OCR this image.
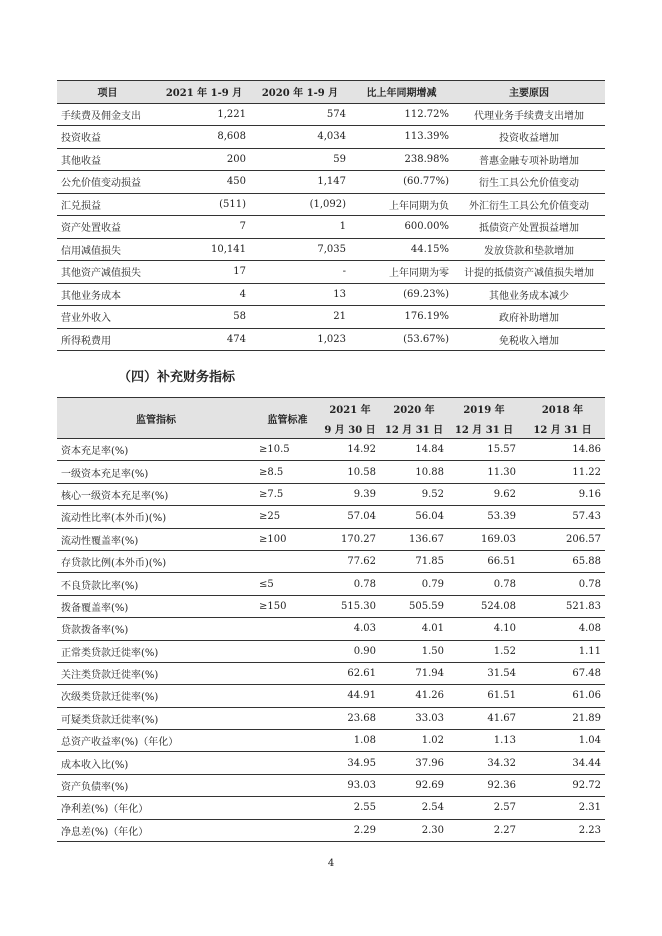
项目	2021 年 1-9 月	2020 年 1-9 月	比上年同期增减	主要原因
手续费及佣金支出	1,221	574	112.72%	代理业务手续费支出增加
投资收益	8,608	4,034	113.39%	投资收益增加
其他收益	200	59	238.98%	普惠金融专项补助增加
公允价值变动损益	450	1,147	(60.77%)	衍生工具公允价值变动
汇兑损益	(511)	(1,092)	上年同期为负	外汇衍生工具公允价值变动
资产处置收益	7	1	600.00%	抵债资产处置损益增加
信用减值损失	10,141	7,035	44.15%	发放贷款和垫款增加
其他资产减值损失	17	-	上年同期为零	计提的抵债资产减值损失增加
其他业务成本	4	13	(69.23%)	其他业务成本减少
营业外收入	58	21	176.19%	政府补助增加
所得税费用	474	1,023	(53.67%)	免税收入增加
（四）补充财务指标
监管指标	监管标准	2021 年	2020 年	2019 年	2018 年
		9 月 30 日	12 月 31 日	12 月 31 日	12 月 31 日
资本充足率(%)	≥10.5	14.92	14.84	15.57	14.86
一级资本充足率(%)	≥8.5	10.58	10.88	11.30	11.22
核心一级资本充足率(%)	≥7.5	9.39	9.52	9.62	9.16
流动性比率(本外币)(%)	≥25	57.04	56.04	53.39	57.43
流动性覆盖率(%)	≥100	170.27	136.67	169.03	206.57
存贷款比例(本外币)(%)		77.62	71.85	66.51	65.88
不良贷款比率(%)	≤5	0.78	0.79	0.78	0.78
拨备覆盖率(%)	≥150	515.30	505.59	524.08	521.83
贷款拨备率(%)		4.03	4.01	4.10	4.08
正常类贷款迁徙率(%)		0.90	1.50	1.52	1.11
关注类贷款迁徙率(%)		62.61	71.94	31.54	67.48
次级类贷款迁徙率(%)		44.91	41.26	61.51	61.06
可疑类贷款迁徙率(%)		23.68	33.03	41.67	21.89
总资产收益率(%)（年化）		1.08	1.02	1.13	1.04
成本收入比(%)		34.95	37.96	34.32	34.44
资产负债率(%)		93.03	92.69	92.36	92.72
净利差(%)（年化）		2.55	2.54	2.57	2.31
净息差(%)（年化）		2.29	2.30	2.27	2.23
4
